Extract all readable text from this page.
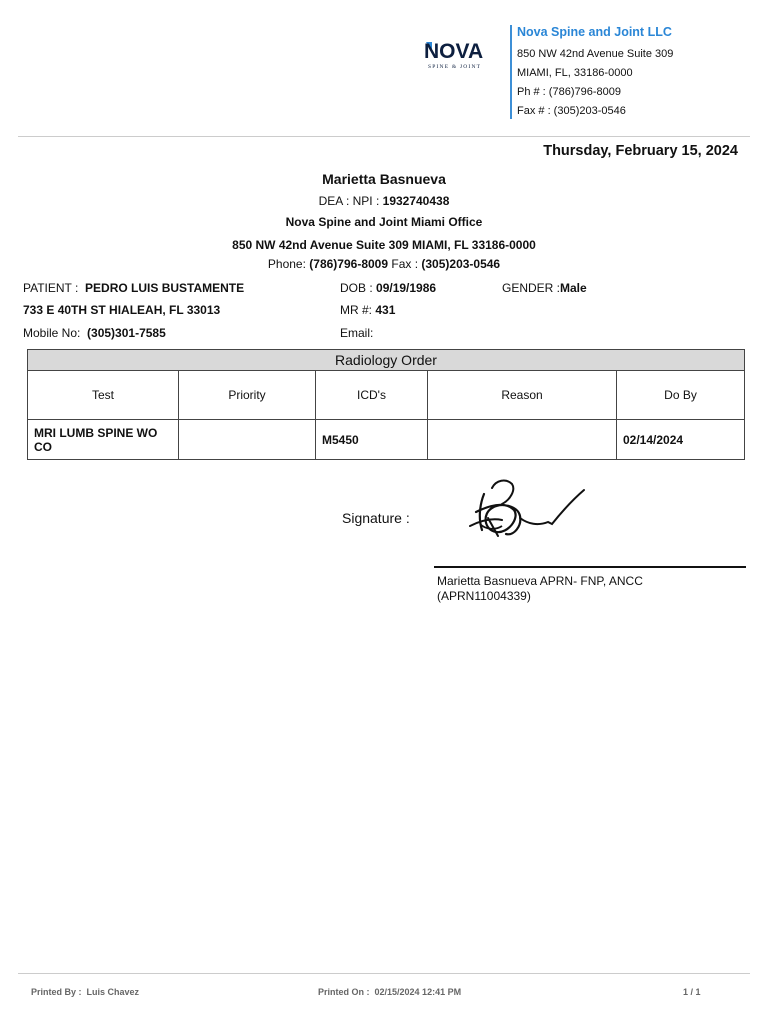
NOVA
SPINE & JOINT
Nova Spine and Joint LLC
850 NW 42nd Avenue Suite 309
MIAMI, FL, 33186-0000
Ph # : (786)796-8009
Fax # : (305)203-0546
Thursday, February 15, 2024
Marietta Basnueva
DEA : NPI : 1932740438
Nova Spine and Joint Miami Office
850 NW 42nd Avenue Suite 309 MIAMI, FL 33186-0000
Phone: (786)796-8009 Fax : (305)203-0546
PATIENT : PEDRO LUIS BUSTAMENTE
733 E 40TH ST HIALEAH, FL 33013
Mobile No: (305)301-7585
DOB : 09/19/1986
MR #: 431
Email:
GENDER :Male
Radiology Order				
Test	Priority	ICD's	Reason	Do By
MRI LUMB SPINE WO CO		M5450		02/14/2024
Signature :
Marietta Basnueva APRN- FNP, ANCC
(APRN11004339)
Printed By : Luis Chavez	Printed On : 02/15/2024 12:41 PM	1 / 1
